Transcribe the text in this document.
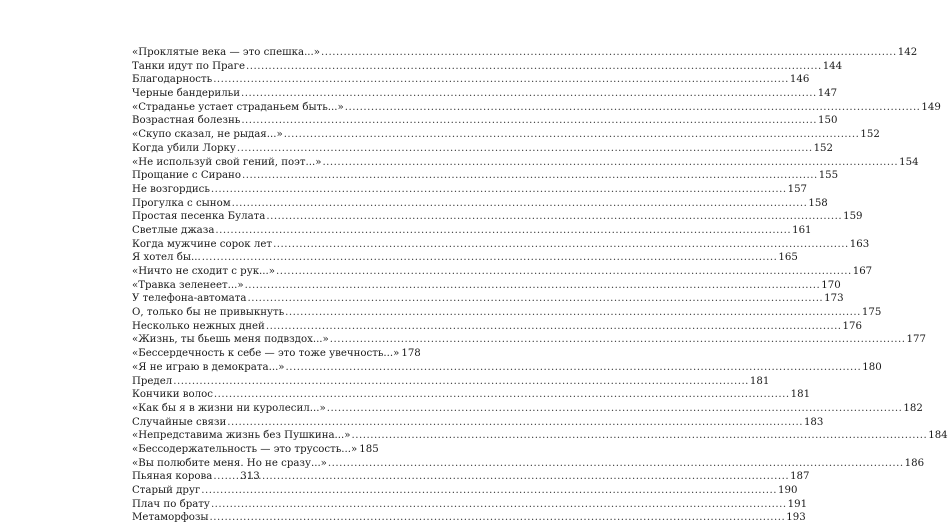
«Проклятые века — это спешка...» .....	142
Танки идут по Праге .....	144
Благодарность .....	146
Черные бандерильи .....	147
«Страданье устает страданьем быть...» .....	149
Возрастная болезнь .....	150
«Скупо сказал, не рыдая...» .....	152
Когда убили Лорку .....	152
«Не используй свой гений, поэт...» .....	154
Прощание с Сирано .....	155
Не возгордись .....	157
Прогулка с сыном .....	158
Простая песенка Булата .....	159
Светлые джаза .....	161
Когда мужчине сорок лет .....	163
Я хотел бы... .....	165
«Ничто не сходит с рук...» .....	167
«Травка зеленеет...» .....	170
У телефона-автомата .....	173
О, только бы не привыкнуть .....	175
Несколько нежных дней .....	176
«Жизнь, ты бьешь меня подвздох...» .....	177
«Бессердечность к себе — это тоже увечность...» 178
«Я не играю в демократа...» .....	180
Предел .....	181
Кончики волос .....	181
«Как бы я в жизни ни куролесил...» .....	182
Случайные связи .....	183
«Непредставима жизнь без Пушкина...» .....	184
«Бессодержательность — это трусость...» 185
«Вы полюбите меня. Но не сразу...» .....	186
Пьяная корова .....	187
Старый друг .....	190
Плач по брату .....	191
Метаморфозы .....	193
313
